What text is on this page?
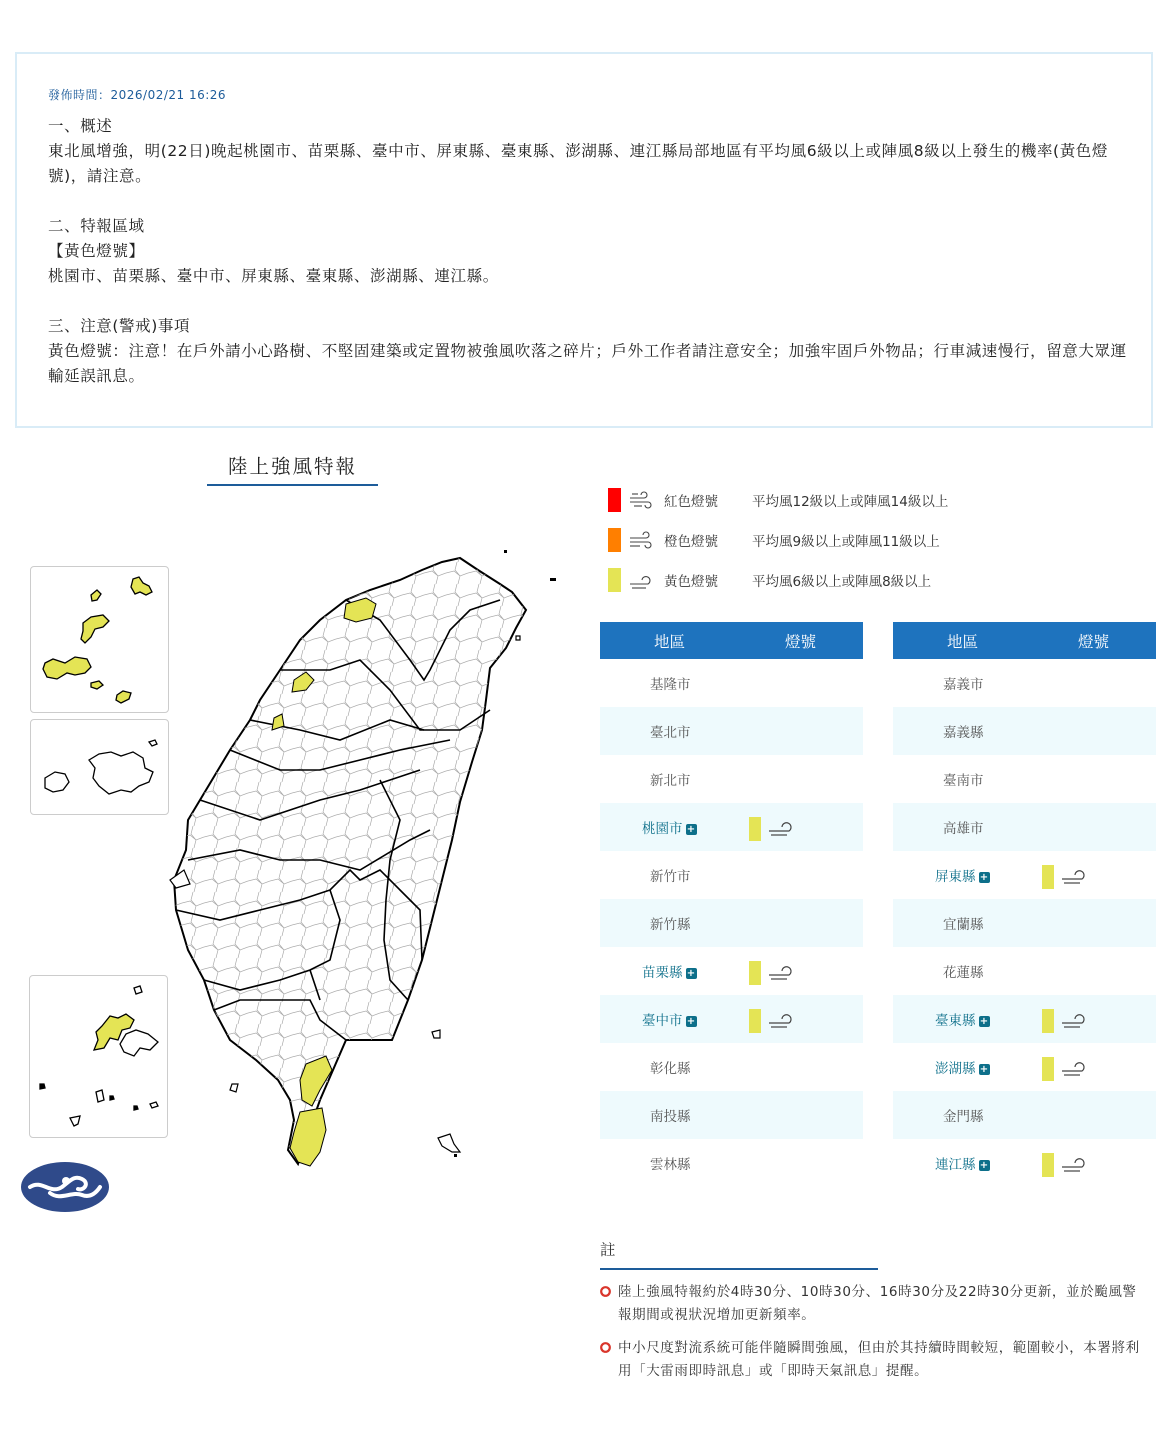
發佈時間：2026/02/21 16:26

一、概述

東北風增強，明(22日)晚起桃園市、苗栗縣、臺中市、屏東縣、臺東縣、澎湖縣、連江縣局部地區有平均風6級以上或陣風8級以上發生的機率(黃色燈號)，請注意。

二、特報區域

【黃色燈號】

桃園市、苗栗縣、臺中市、屏東縣、臺東縣、澎湖縣、連江縣。

三、注意(警戒)事項

黃色燈號：注意！在戶外請小心路樹、不堅固建築或定置物被強風吹落之碎片；戶外工作者請注意安全；加強牢固戶外物品；行車減速慢行，留意大眾運輸延誤訊息。

陸上強風特報
紅色燈號	平均風12級以上或陣風14級以上
橙色燈號	平均風9級以上或陣風11級以上
黃色燈號	平均風6級以上或陣風8級以上
地區	燈號
基隆市
臺北市
新北市
桃園市 +
新竹市
新竹縣
苗栗縣 +
臺中市 +
彰化縣
南投縣
雲林縣
地區	燈號
嘉義市
嘉義縣
臺南市
高雄市
屏東縣 +
宜蘭縣
花蓮縣
臺東縣 +
澎湖縣 +
金門縣
連江縣 +
註
陸上強風特報約於4時30分、10時30分、16時30分及22時30分更新，並於颱風警報期間或視狀況增加更新頻率。
中小尺度對流系統可能伴隨瞬間強風，但由於其持續時間較短，範圍較小，本署將利用「大雷雨即時訊息」或「即時天氣訊息」提醒。
